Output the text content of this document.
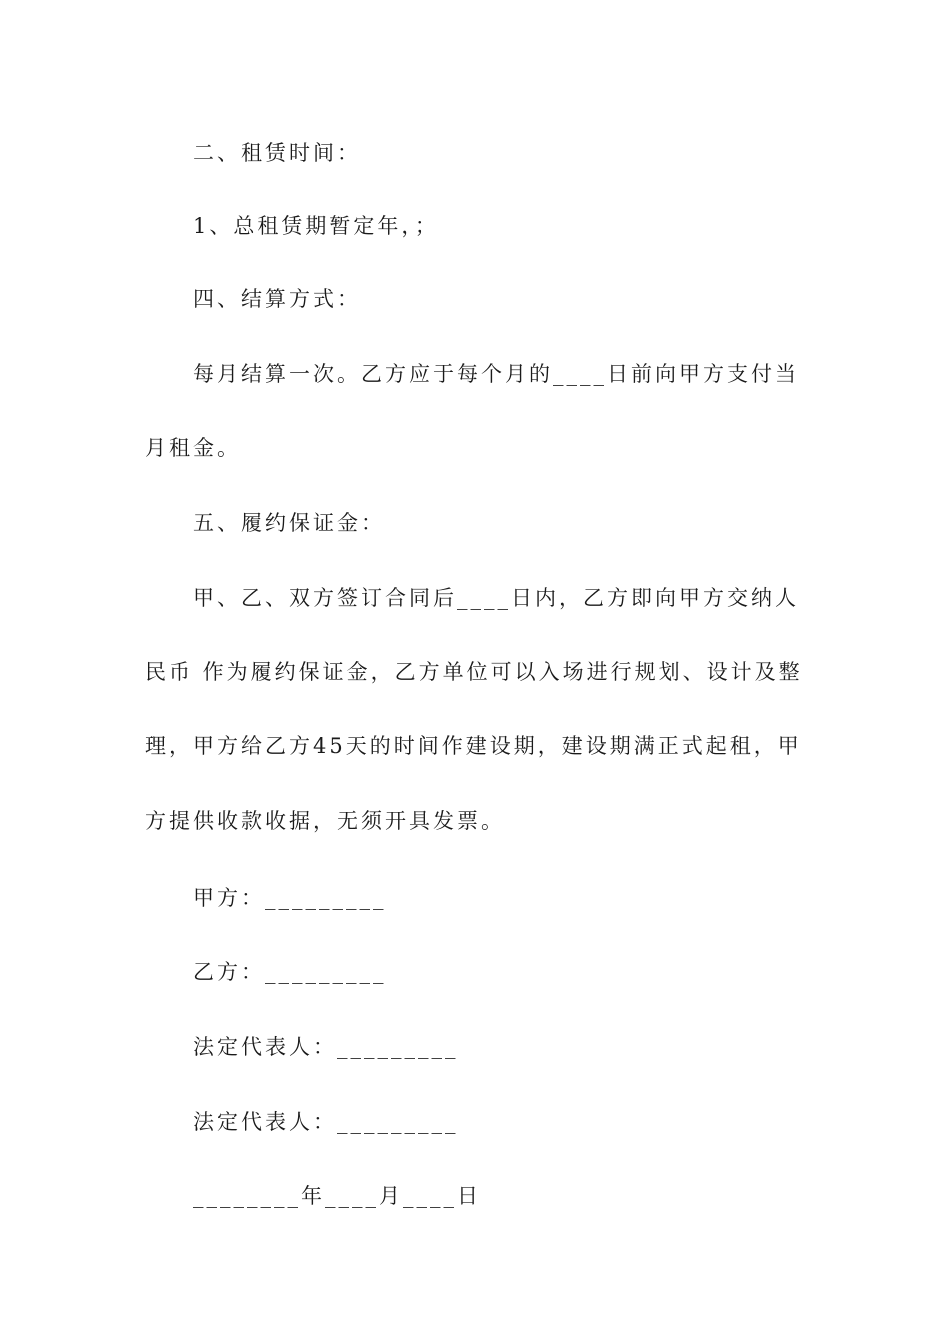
二、租赁时间：
1、总租赁期暂定年，；
四、结算方式：
每月结算一次。乙方应于每个月的____日前向甲方支付当
月租金。
五、履约保证金：
甲、乙、双方签订合同后____日内，乙方即向甲方交纳人
民币 作为履约保证金，乙方单位可以入场进行规划、设计及整
理，甲方给乙方45天的时间作建设期，建设期满正式起租，甲
方提供收款收据，无须开具发票。
甲方：_________
乙方：_________
法定代表人：_________
法定代表人：_________
________年____月____日
